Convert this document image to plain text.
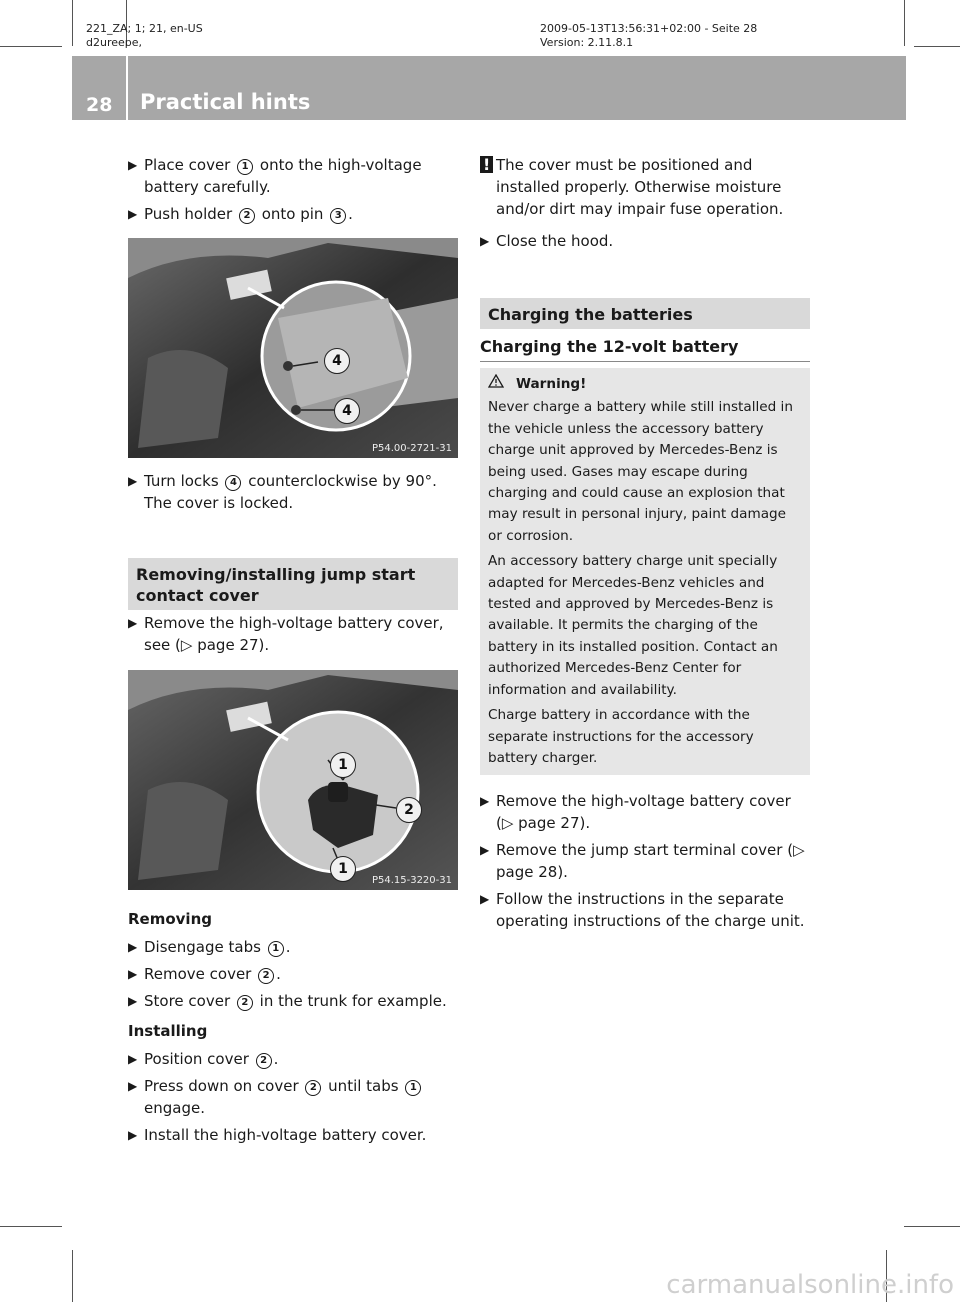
221_ZA; 1; 21, en-US
d2ureepe,
2009-05-13T13:56:31+02:00 - Seite 28
Version: 2.11.8.1
28 Practical hints
▶ Place cover 1 onto the high-voltage battery carefully.
▶ Push holder 2 onto pin 3 .
4
4
P54.00-2721-31
▶ Turn locks 4 counterclockwise by 90°.
The cover is locked.
Removing/installing jump start contact cover
▶ Remove the high-voltage battery cover, see (▷ page 27).
1
2
1
P54.15-3220-31
Removing
▶ Disengage tabs 1 .
▶ Remove cover 2 .
▶ Store cover 2 in the trunk for example.
Installing
▶ Position cover 2 .
▶ Press down on cover 2 until tabs 1 engage.
▶ Install the high-voltage battery cover.
! The cover must be positioned and installed properly. Otherwise moisture and/or dirt may impair fuse operation.
▶ Close the hood.
Charging the batteries
Charging the 12-volt battery
Warning!

Never charge a battery while still installed in the vehicle unless the accessory battery charge unit approved by Mercedes-Benz is being used. Gases may escape during charging and could cause an explosion that may result in personal injury, paint damage or corrosion.

An accessory battery charge unit specially adapted for Mercedes-Benz vehicles and tested and approved by Mercedes-Benz is available. It permits the charging of the battery in its installed position. Contact an authorized Mercedes-Benz Center for information and availability.

Charge battery in accordance with the separate instructions for the accessory battery charger.

▶ Remove the high-voltage battery cover (▷ page 27).
▶ Remove the jump start terminal cover (▷ page 28).
▶ Follow the instructions in the separate operating instructions of the charge unit.
carmanualsonline.info
